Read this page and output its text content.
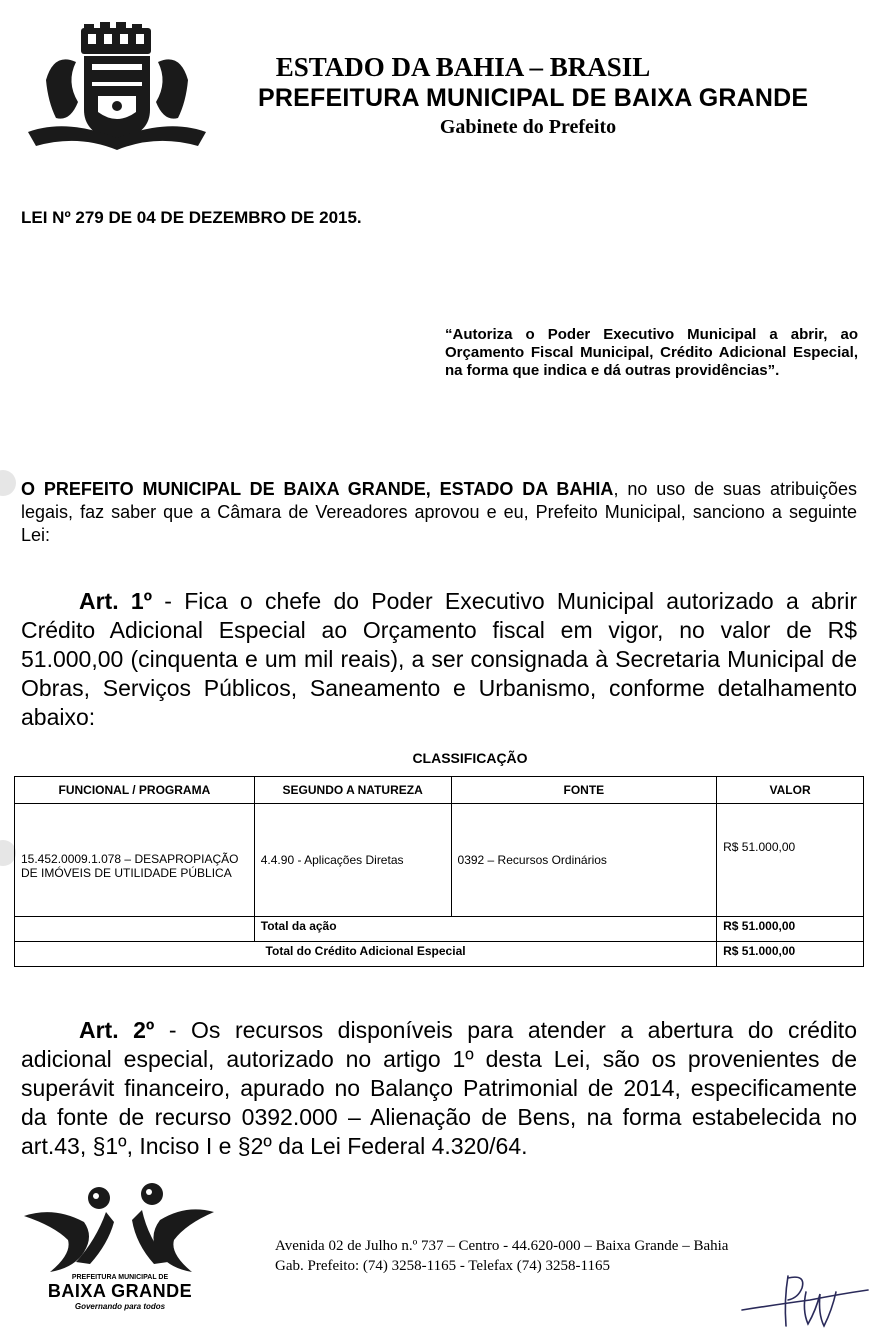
ESTADO DA BAHIA – BRASIL
PREFEITURA MUNICIPAL DE BAIXA GRANDE
Gabinete do Prefeito
LEI Nº 279 DE 04 DE DEZEMBRO DE 2015.
“Autoriza o Poder Executivo Municipal a abrir, ao Orçamento Fiscal Municipal, Crédito Adicional Especial, na forma que indica e dá outras providências”.
O PREFEITO MUNICIPAL DE BAIXA GRANDE, ESTADO DA BAHIA, no uso de suas atribuições legais, faz saber que a Câmara de Vereadores aprovou e eu, Prefeito Municipal, sanciono a seguinte Lei:
Art. 1º - Fica o chefe do Poder Executivo Municipal autorizado a abrir Crédito Adicional Especial ao Orçamento fiscal em vigor, no valor de R$ 51.000,00 (cinquenta e um mil reais), a ser consignada à Secretaria Municipal de Obras, Serviços Públicos, Saneamento e Urbanismo, conforme detalhamento abaixo:
CLASSIFICAÇÃO
FUNCIONAL / PROGRAMA	SEGUNDO A NATUREZA	FONTE	VALOR
15.452.0009.1.078 – DESAPROPIAÇÃO DE IMÓVEIS DE UTILIDADE PÚBLICA	4.4.90 - Aplicações Diretas	0392 – Recursos Ordinários	R$ 51.000,00
	Total da ação		R$ 51.000,00
Total do Crédito Adicional Especial			R$ 51.000,00
Art. 2º - Os recursos disponíveis para atender a abertura do crédito adicional especial, autorizado no artigo 1º desta Lei, são os provenientes de superávit financeiro, apurado no Balanço Patrimonial de 2014, especificamente da fonte de recurso 0392.000 – Alienação de Bens, na forma estabelecida no art.43, §1º, Inciso I e §2º da Lei Federal 4.320/64.
PREFEITURA MUNICIPAL DE
BAIXA GRANDE
Governando para todos
Avenida 02 de Julho n.º 737 – Centro - 44.620-000 – Baixa Grande – Bahia
Gab. Prefeito: (74) 3258-1165 - Telefax (74) 3258-1165
